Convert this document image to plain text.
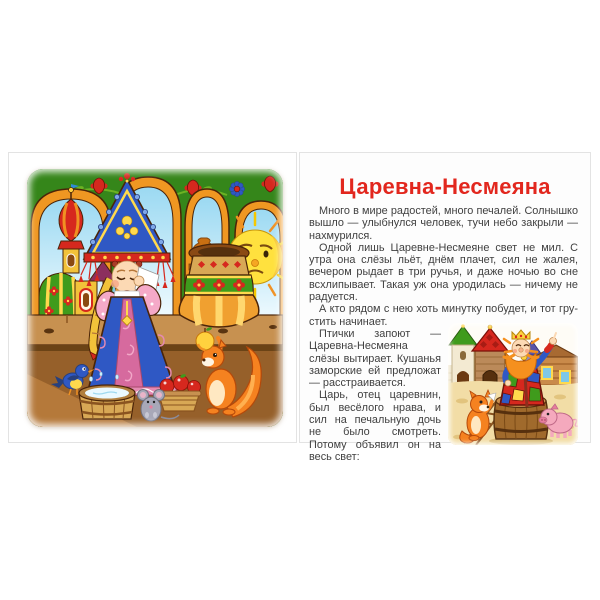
Царевна-Несмеяна

Много в мире радостей, много печалей. Солнышко вышло — улыбнулся человек, тучи небо закрыли — нахмурился.

Одной лишь Царевне-Несмеяне свет не мил. С утра она слёзы льёт, днём плачет, сил не жалея, вечером рыдает в три ручья, и даже ночью во сне всхлипывает. Такая уж она уродилась — ничему не радуется.

А кто рядом с нею хоть минутку побудет, и тот грустить начинает.

Птички запоют — Царевна-Несмеяна слёзы вытирает. Кушанья заморские ей предложат — расстраивается.

Царь, отец царевнин, был весёлого нрава, и сил на печальную дочь не было смотреть. Потому объявил он на весь свет:
